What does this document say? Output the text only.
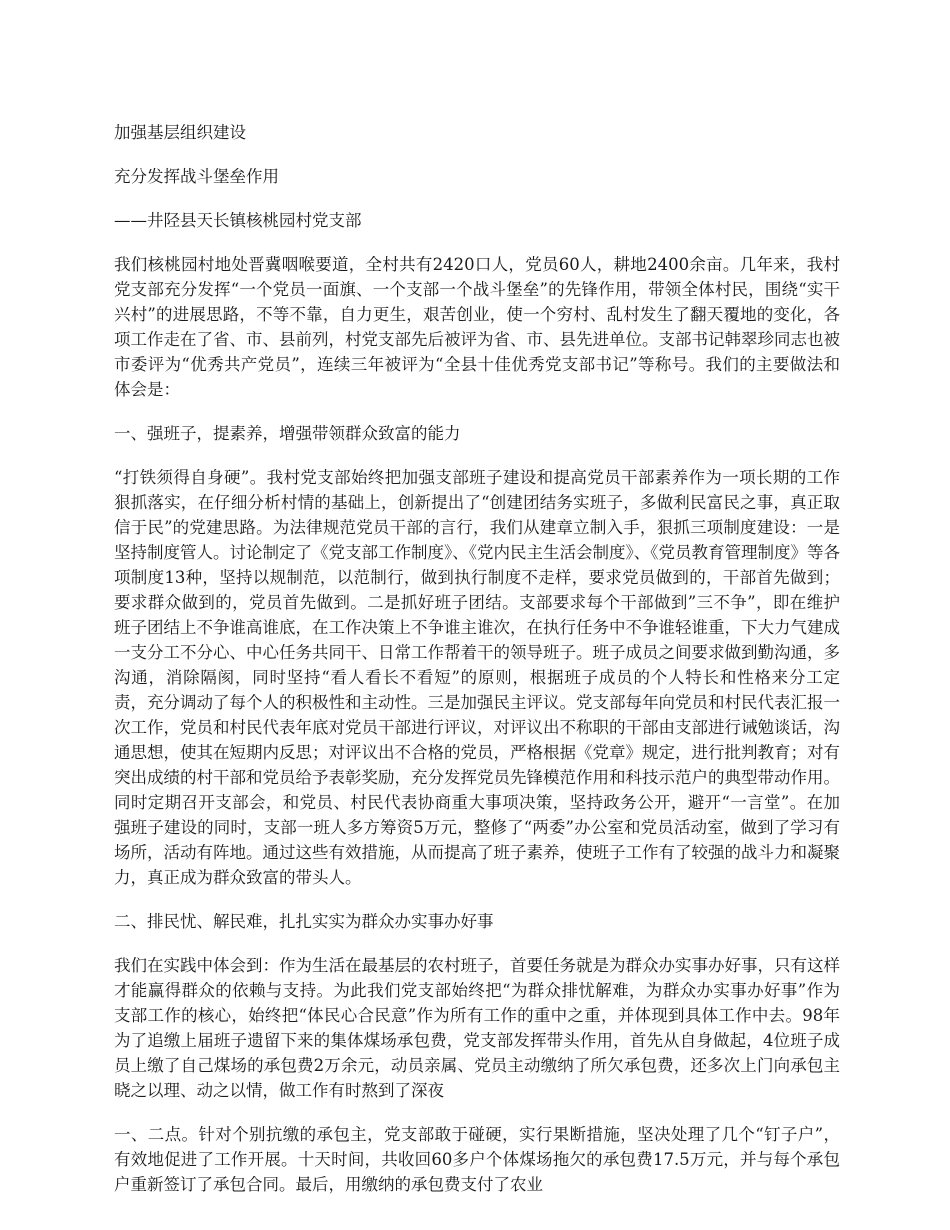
加强基层组织建设
充分发挥战斗堡垒作用
——井陉县天长镇核桃园村党支部
我们核桃园村地处晋冀咽喉要道，全村共有2420口人，党员60人，耕地2400余亩。几年来，我村党支部充分发挥“一个党员一面旗、一个支部一个战斗堡垒”的先锋作用，带领全体村民，围绕“实干兴村”的进展思路，不等不靠，自力更生，艰苦创业，使一个穷村、乱村发生了翻天覆地的变化，各项工作走在了省、市、县前列，村党支部先后被评为省、市、县先进单位。支部书记韩翠珍同志也被市委评为“优秀共产党员”，连续三年被评为“全县十佳优秀党支部书记”等称号。我们的主要做法和体会是：
一、强班子，提素养，增强带领群众致富的能力
“打铁须得自身硬”。我村党支部始终把加强支部班子建设和提高党员干部素养作为一项长期的工作狠抓落实，在仔细分析村情的基础上，创新提出了“创建团结务实班子，多做利民富民之事，真正取信于民”的党建思路。为法律规范党员干部的言行，我们从建章立制入手，狠抓三项制度建设：一是坚持制度管人。讨论制定了《党支部工作制度》、《党内民主生活会制度》、《党员教育管理制度》等各项制度13种，坚持以规制范，以范制行，做到执行制度不走样，要求党员做到的，干部首先做到；要求群众做到的，党员首先做到。二是抓好班子团结。支部要求每个干部做到”三不争”，即在维护班子团结上不争谁高谁底，在工作决策上不争谁主谁次，在执行任务中不争谁轻谁重，下大力气建成一支分工不分心、中心任务共同干、日常工作帮着干的领导班子。班子成员之间要求做到勤沟通，多沟通，消除隔阂，同时坚持“看人看长不看短”的原则，根据班子成员的个人特长和性格来分工定责，充分调动了每个人的积极性和主动性。三是加强民主评议。党支部每年向党员和村民代表汇报一次工作，党员和村民代表年底对党员干部进行评议，对评议出不称职的干部由支部进行诫勉谈话，沟通思想，使其在短期内反思；对评议出不合格的党员，严格根据《党章》规定，进行批判教育；对有突出成绩的村干部和党员给予表彰奖励，充分发挥党员先锋模范作用和科技示范户的典型带动作用。同时定期召开支部会，和党员、村民代表协商重大事项决策，坚持政务公开，避开“一言堂”。在加强班子建设的同时，支部一班人多方筹资5万元，整修了“两委”办公室和党员活动室，做到了学习有场所，活动有阵地。通过这些有效措施，从而提高了班子素养，使班子工作有了较强的战斗力和凝聚力，真正成为群众致富的带头人。
二、排民忧、解民难，扎扎实实为群众办实事办好事
我们在实践中体会到：作为生活在最基层的农村班子，首要任务就是为群众办实事办好事，只有这样才能赢得群众的依赖与支持。为此我们党支部始终把“为群众排忧解难，为群众办实事办好事”作为支部工作的核心，始终把“体民心合民意”作为所有工作的重中之重，并体现到具体工作中去。98年为了追缴上届班子遗留下来的集体煤场承包费，党支部发挥带头作用，首先从自身做起，4位班子成员上缴了自己煤场的承包费2万余元，动员亲属、党员主动缴纳了所欠承包费，还多次上门向承包主晓之以理、动之以情，做工作有时熬到了深夜
一、二点。针对个别抗缴的承包主，党支部敢于碰硬，实行果断措施，坚决处理了几个“钉子户”，有效地促进了工作开展。十天时间，共收回60多户个体煤场拖欠的承包费17.5万元，并与每个承包户重新签订了承包合同。最后，用缴纳的承包费支付了农业
